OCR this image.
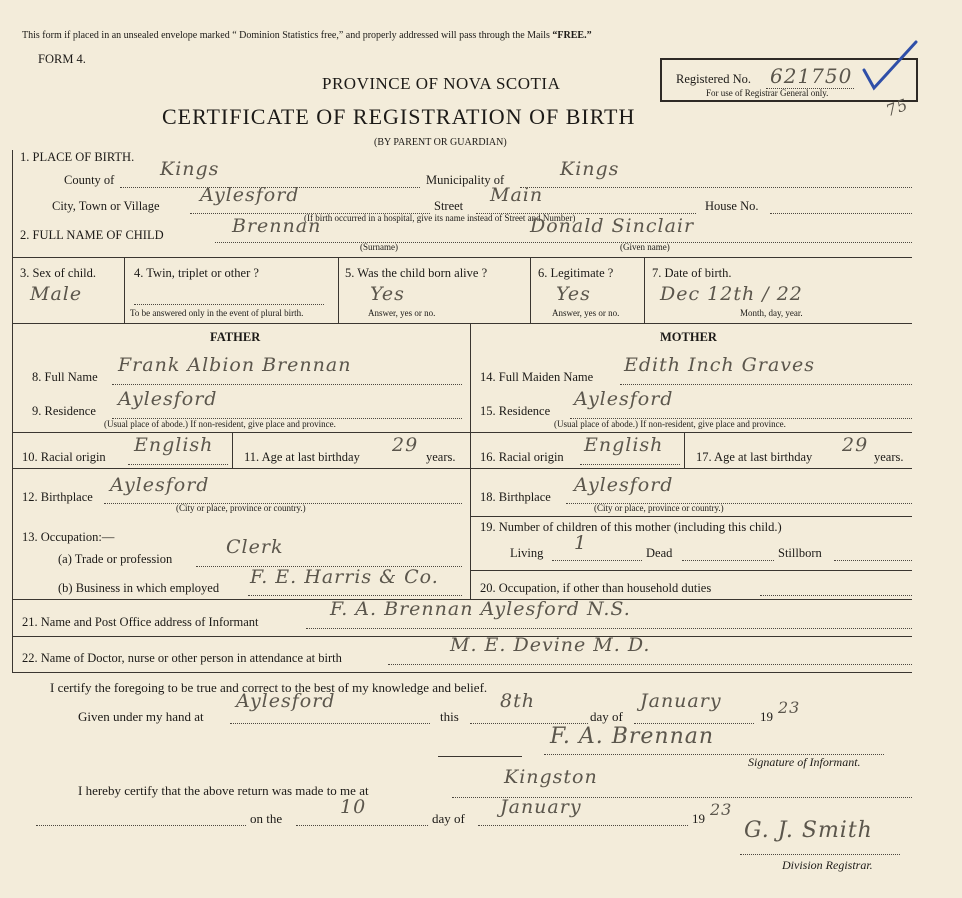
This form if placed in an unsealed envelope marked “ Dominion Statistics free,” and properly addressed will pass through the Mails “FREE.”
FORM 4.
Registered No. 621750
For use of Registrar General only.
75
PROVINCE OF NOVA SCOTIA
CERTIFICATE OF REGISTRATION OF BIRTH
(BY PARENT OR GUARDIAN)
1. PLACE OF BIRTH.
County of Kings	Municipality of	Kings
City, Town or Village Aylesford	Street Main	House No.
(If birth occurred in a hospital, give its name instead of Street and Number)
2. FULL NAME OF CHILD	Brennan	Donald Sinclair
(Surname)	(Given name)
3. Sex of child.
Male
4. Twin, triplet or other ?
To be answered only in the event of plural birth.
5. Was the child born alive ?
Yes
Answer, yes or no.
6. Legitimate ?
Yes
Answer, yes or no.
7. Date of birth.
Dec 12th / 22
Month, day, year.
FATHER	MOTHER
8. Full Name
Frank Albion Brennan
9. Residence
Aylesford
(Usual place of abode.) If non-resident, give place and province.
10. Racial origin
English
11. Age at last birthday
29
years.
12. Birthplace
Aylesford
(City or place, province or country.)
13. Occupation:—
(a) Trade or profession
Clerk
(b) Business in which employed F. E. Harris & Co.
14. Full Maiden Name
Edith Inch Graves
15. Residence
Aylesford
(Usual place of abode.) If non-resident, give place and province.
16. Racial origin
English
17. Age at last birthday
29
years.
18. Birthplace
Aylesford
(City or place, province or country.)
19. Number of children of this mother (including this child.)
Living 1	Dead	Stillborn
20. Occupation, if other than household duties
21. Name and Post Office address of Informant
F. A. Brennan Aylesford N.S.
22. Name of Doctor, nurse or other person in attendance at birth
M. E. Devine M. D.
I certify the foregoing to be true and correct to the best of my knowledge and belief.
Given under my hand at
Aylesford
this
8th
day of
January
19 23
F. A. Brennan
Signature of Informant.
I hereby certify that the above return was made to me at
Kingston
on the
10
day of
January
19 23
G. J. Smith
Division Registrar.
